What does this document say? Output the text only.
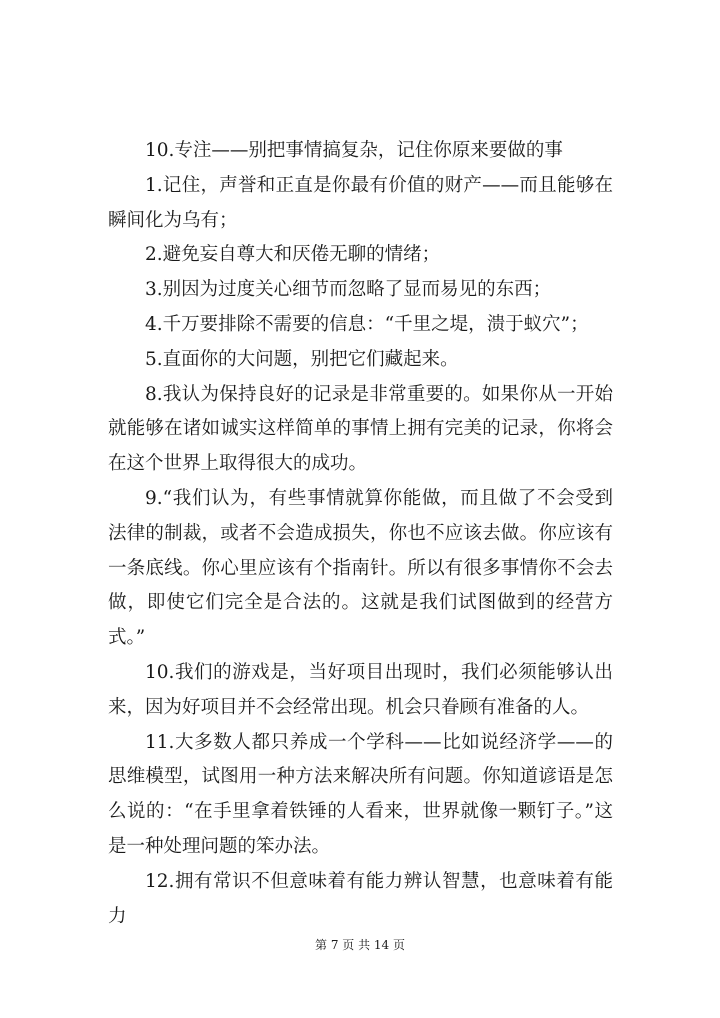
10.专注——别把事情搞复杂，记住你原来要做的事

1.记住，声誉和正直是你最有价值的财产——而且能够在瞬间化为乌有；

2.避免妄自尊大和厌倦无聊的情绪；

3.别因为过度关心细节而忽略了显而易见的东西；

4.千万要排除不需要的信息：“千里之堤，溃于蚁穴”；

5.直面你的大问题，别把它们藏起来。

8.我认为保持良好的记录是非常重要的。如果你从一开始就能够在诸如诚实这样简单的事情上拥有完美的记录，你将会在这个世界上取得很大的成功。

9.“我们认为，有些事情就算你能做，而且做了不会受到法律的制裁，或者不会造成损失，你也不应该去做。你应该有一条底线。你心里应该有个指南针。所以有很多事情你不会去做，即使它们完全是合法的。这就是我们试图做到的经营方式。”

10.我们的游戏是，当好项目出现时，我们必须能够认出来，因为好项目并不会经常出现。机会只眷顾有准备的人。

11.大多数人都只养成一个学科——比如说经济学——的思维模型，试图用一种方法来解决所有问题。你知道谚语是怎么说的：“在手里拿着铁锤的人看来，世界就像一颗钉子。”这是一种处理问题的笨办法。

12.拥有常识不但意味着有能力辨认智慧，也意味着有能力

第 7 页 共 14 页
